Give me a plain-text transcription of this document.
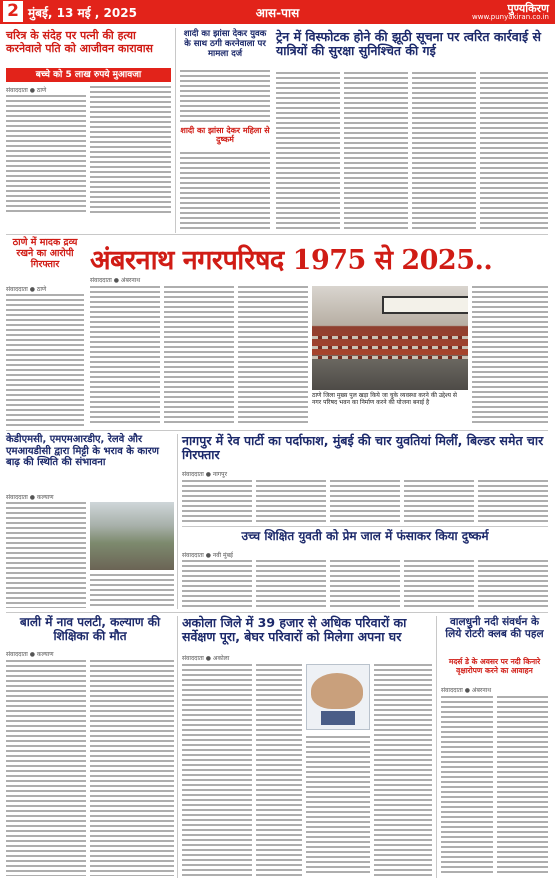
2 मुंबई, 13 मई , 2025	आस-पास	पुण्यकिरण
www.punyakiran.co.in
चरित्र के संदेह पर पत्नी की हत्या करनेवाले पति को आजीवन कारावास
बच्चे को 5 लाख रुपये मुआवजा
संवाददाता ● ठाणे
शादी का झांसा देकर युवक के साथ ठगी करनेवाला पर मामला दर्ज
शादी का झांसा देकर महिला से दुष्कर्म
ट्रेन में विस्फोटक होने की झूठी सूचना पर त्वरित कार्रवाई से यात्रियों की सुरक्षा सुनिश्चित की गई
ठाणे में मादक द्रव्य रखने का आरोपी गिरफ्तार
संवाददाता ● ठाणे
अंबरनाथ नगरपरिषद 1975 से 2025..
संवाददाता ● अंबरनाथ
ठाणे जिला मुख्य पुल खड़ा किये जा चुके व्यवस्था करने की उद्देश्य से नगर परिषद भवन का निर्माण करने की योजना बनाई है
केडीएमसी, एमएमआरडीए, रेलवे और एमआयडीसी द्वारा मिट्टी के भराव के कारण बाढ़ की स्थिति की संभावना
संवाददाता ● कल्याण
नागपुर में रेव पार्टी का पर्दाफाश, मुंबई की चार युवतियां मिलीं, बिल्डर समेत चार गिरफ्तार
संवाददाता ● नागपुर
उच्च शिक्षित युवती को प्रेम जाल में फंसाकर किया दुष्कर्म
संवाददाता ● नवी मुंबई
बाली में नाव पलटी, कल्याण की शिक्षिका की मौत
संवाददाता ● कल्याण
अकोला जिले में 39 हजार से अधिक परिवारों का सर्वेक्षण पूरा, बेघर परिवारों को मिलेगा अपना घर
संवाददाता ● अकोला
वालधुनी नदी संवर्धन के लिये रोटरी क्लब की पहल
मदर्स डे के अवसर पर नदी किनारे वृक्षारोपण करने का आवाहन
संवाददाता ● अंबरनाथ
